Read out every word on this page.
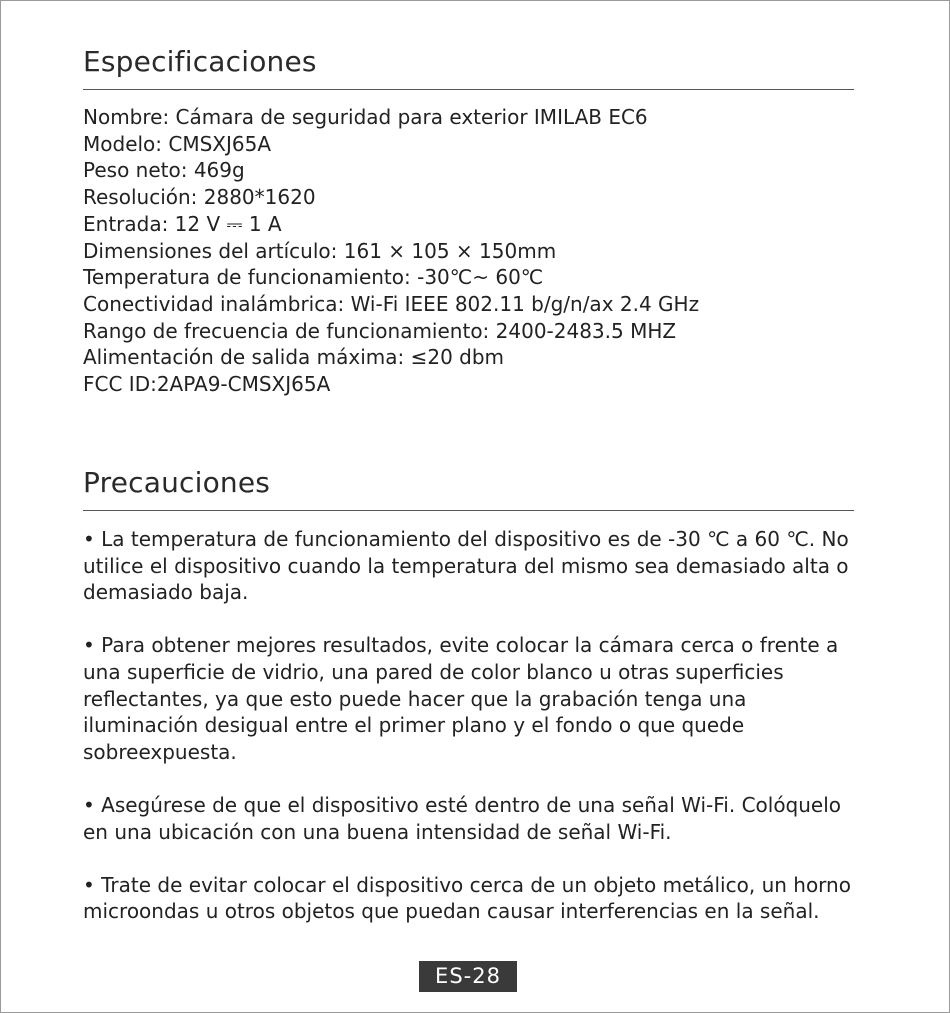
Especificaciones
Nombre: Cámara de seguridad para exterior IMILAB EC6
Modelo: CMSXJ65A
Peso neto: 469g
Resolución: 2880*1620
Entrada: 12 V ⎓ 1 A
Dimensiones del artículo: 161 × 105 × 150mm
Temperatura de funcionamiento: -30℃~ 60℃
Conectividad inalámbrica: Wi-Fi IEEE 802.11 b/g/n/ax 2.4 GHz
Rango de frecuencia de funcionamiento: 2400-2483.5 MHZ
Alimentación de salida máxima: ≤20 dbm
FCC ID:2APA9-CMSXJ65A
Precauciones

• La temperatura de funcionamiento del dispositivo es de -30 ℃ a 60 ℃. No utilice el dispositivo cuando la temperatura del mismo sea demasiado alta o demasiado baja.

• Para obtener mejores resultados, evite colocar la cámara cerca o frente a una superficie de vidrio, una pared de color blanco u otras superficies reflectantes, ya que esto puede hacer que la grabación tenga una iluminación desigual entre el primer plano y el fondo o que quede sobreexpuesta.

• Asegúrese de que el dispositivo esté dentro de una señal Wi-Fi. Colóquelo en una ubicación con una buena intensidad de señal Wi-Fi.

• Trate de evitar colocar el dispositivo cerca de un objeto metálico, un horno microondas u otros objetos que puedan causar interferencias en la señal.

ES-28
